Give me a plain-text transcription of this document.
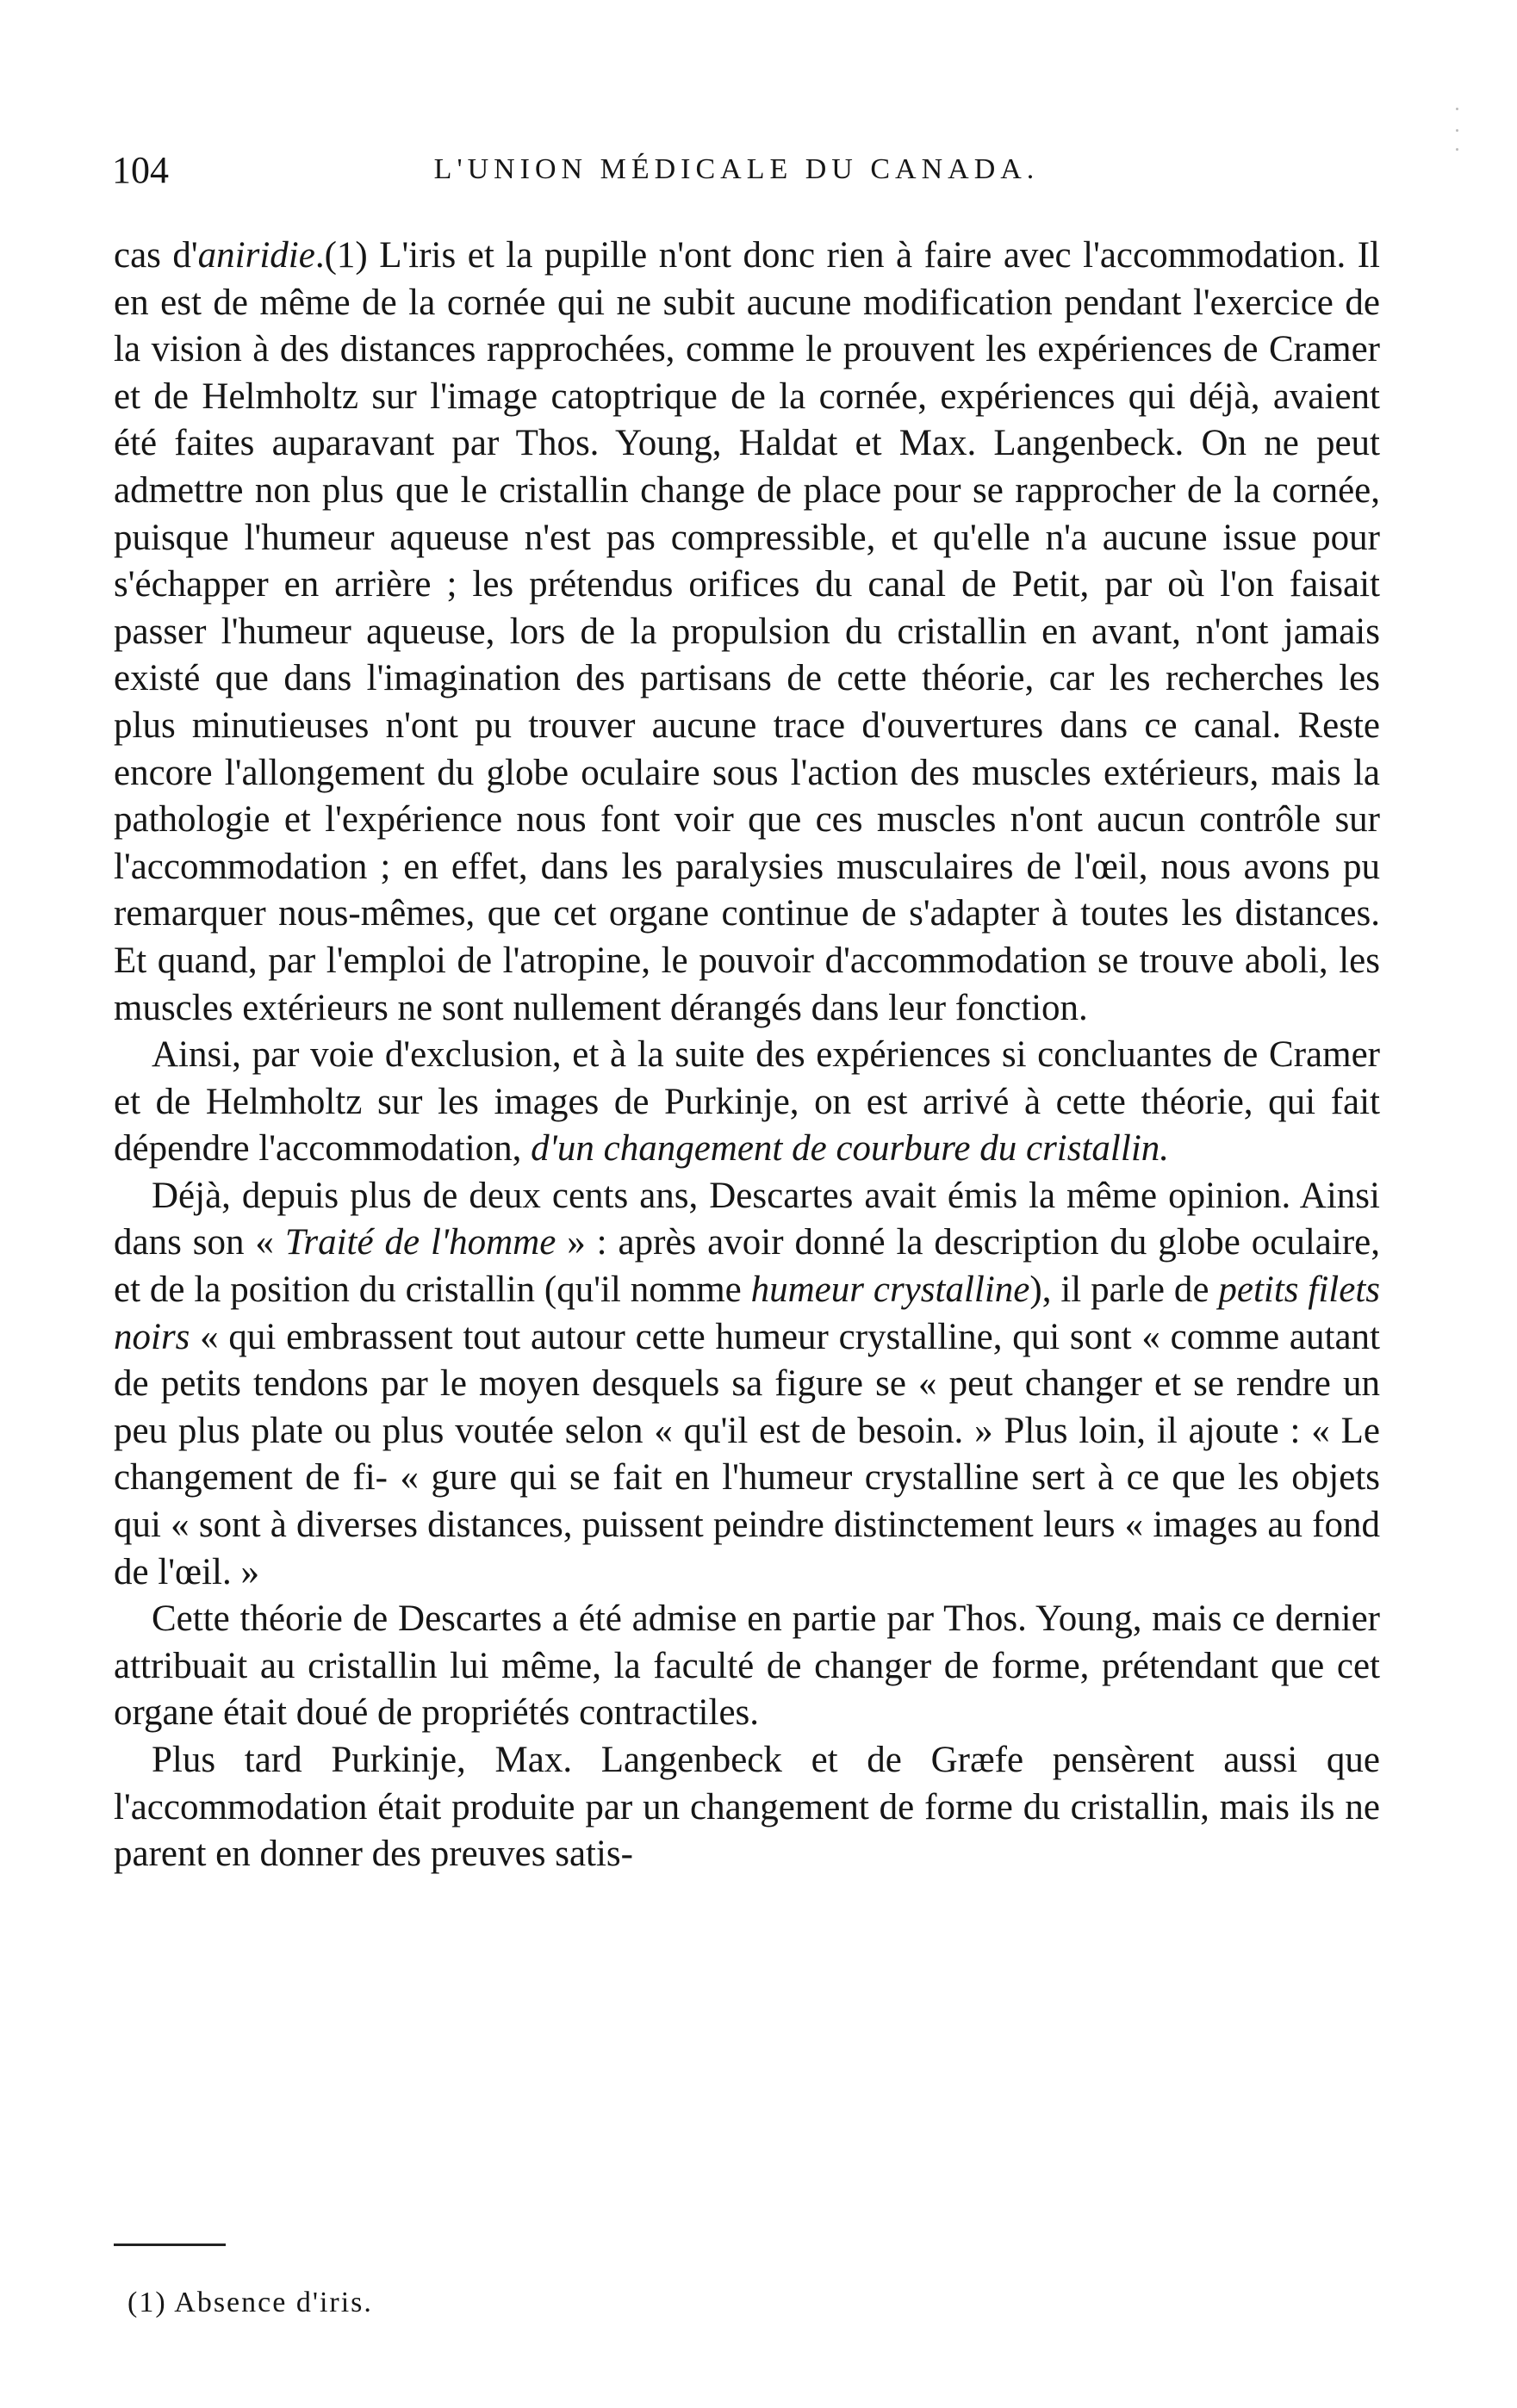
104	L'UNION MÉDICALE DU CANADA.

cas d'aniridie.(1) L'iris et la pupille n'ont donc rien à faire avec l'accommodation. Il en est de même de la cornée qui ne subit aucune modification pendant l'exercice de la vision à des distances rapprochées, comme le prouvent les expériences de Cramer et de Helmholtz sur l'image catoptrique de la cornée, expériences qui déjà, avaient été faites auparavant par Thos. Young, Haldat et Max. Langenbeck. On ne peut admettre non plus que le cristallin change de place pour se rapprocher de la cornée, puisque l'humeur aqueuse n'est pas compressible, et qu'elle n'a aucune issue pour s'échapper en arrière ; les prétendus orifices du canal de Petit, par où l'on faisait passer l'humeur aqueuse, lors de la propulsion du cristallin en avant, n'ont jamais existé que dans l'imagination des partisans de cette théorie, car les recherches les plus minutieuses n'ont pu trouver aucune trace d'ouvertures dans ce canal. Reste encore l'allongement du globe oculaire sous l'action des muscles extérieurs, mais la pathologie et l'expérience nous font voir que ces muscles n'ont aucun contrôle sur l'accommodation ; en effet, dans les paralysies musculaires de l'œil, nous avons pu remarquer nous-mêmes, que cet organe continue de s'adapter à toutes les distances. Et quand, par l'emploi de l'atropine, le pouvoir d'accommodation se trouve aboli, les muscles extérieurs ne sont nullement dérangés dans leur fonction.

Ainsi, par voie d'exclusion, et à la suite des expériences si concluantes de Cramer et de Helmholtz sur les images de Purkinje, on est arrivé à cette théorie, qui fait dépendre l'accommodation, d'un changement de courbure du cristallin.

Déjà, depuis plus de deux cents ans, Descartes avait émis la même opinion. Ainsi dans son « Traité de l'homme » : après avoir donné la description du globe oculaire, et de la position du cristallin (qu'il nomme humeur crystalline), il parle de petits filets noirs « qui embrassent tout autour cette humeur crystalline, qui sont « comme autant de petits tendons par le moyen desquels sa figure se « peut changer et se rendre un peu plus plate ou plus voutée selon « qu'il est de besoin. » Plus loin, il ajoute : « Le changement de fi- « gure qui se fait en l'humeur crystalline sert à ce que les objets qui « sont à diverses distances, puissent peindre distinctement leurs « images au fond de l'œil. »

Cette théorie de Descartes a été admise en partie par Thos. Young, mais ce dernier attribuait au cristallin lui même, la faculté de changer de forme, prétendant que cet organe était doué de propriétés contractiles.

Plus tard Purkinje, Max. Langenbeck et de Græfe pensèrent aussi que l'accommodation était produite par un changement de forme du cristallin, mais ils ne parent en donner des preuves satis-

(1) Absence d'iris.
